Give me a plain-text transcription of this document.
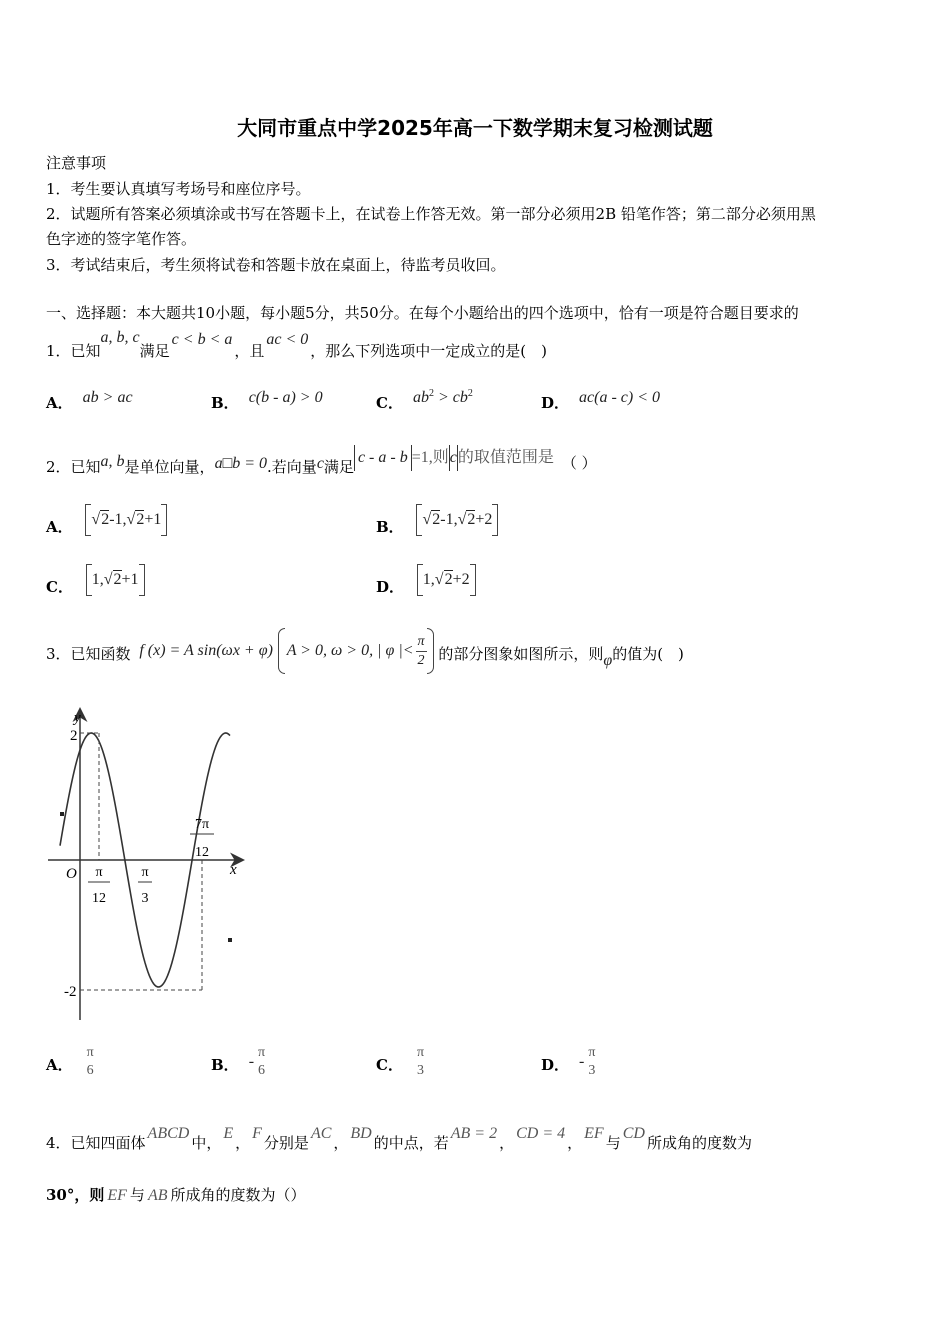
大同市重点中学2025年高一下数学期末复习检测试题
注意事项
1．考生要认真填写考场号和座位序号。
2．试题所有答案必须填涂或书写在答题卡上，在试卷上作答无效。第一部分必须用2B 铅笔作答；第二部分必须用黑
色字迹的签字笔作答。
3．考试结束后，考生须将试卷和答题卡放在桌面上，待监考员收回。
一、选择题：本大题共10小题，每小题5分，共50分。在每个小题给出的四个选项中，恰有一项是符合题目要求的
1．已知a, b, c满足c < b < a，且ac < 0，那么下列选项中一定成立的是(　)
A． ab > ac	B． c(b - a) > 0	C． $ab^2 > cb^2$
D． ac(a - c) < 0
2．已知a, b是单位向量，a□b = 0.若向量c满足c - a - b =1,则c的取值范围是 （ ）
A． √2-1,√2+1	B． √2-1,√2+2
C． 1,√2+1	D． 1,√2+2
3．已知函数 f (x) = A sin(ωx + φ) A > 0, ω > 0, | φ |< $\frac{\pi}{2}$ 的部分图象如图所示，则φ的值为(　)
y
x
O
2
-2
π
12
π
3
7π
12
A．
π
6	B． -
π
6	C．
π
3	D． -
π
3
4．已知四面体ABCD中，E，F分别是AC，BD的中点，若AB = 2，CD = 4，EF与CD所成角的度数为
30°，则 EF 与 AB 所成角的度数为（）
